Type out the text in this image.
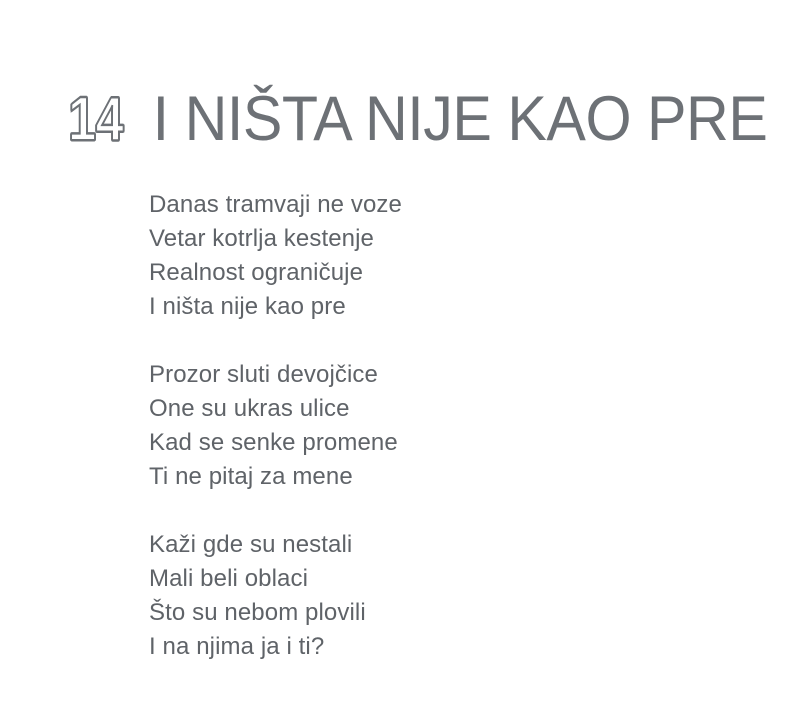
14 I NIŠTA NIJE KAO PRE
Danas tramvaji ne voze
Vetar kotrlja kestenje
Realnost ograničuje
I ništa nije kao pre
Prozor sluti devojčice
One su ukras ulice
Kad se senke promene
Ti ne pitaj za mene
Kaži gde su nestali
Mali beli oblaci
Što su nebom plovili
I na njima ja i ti?
